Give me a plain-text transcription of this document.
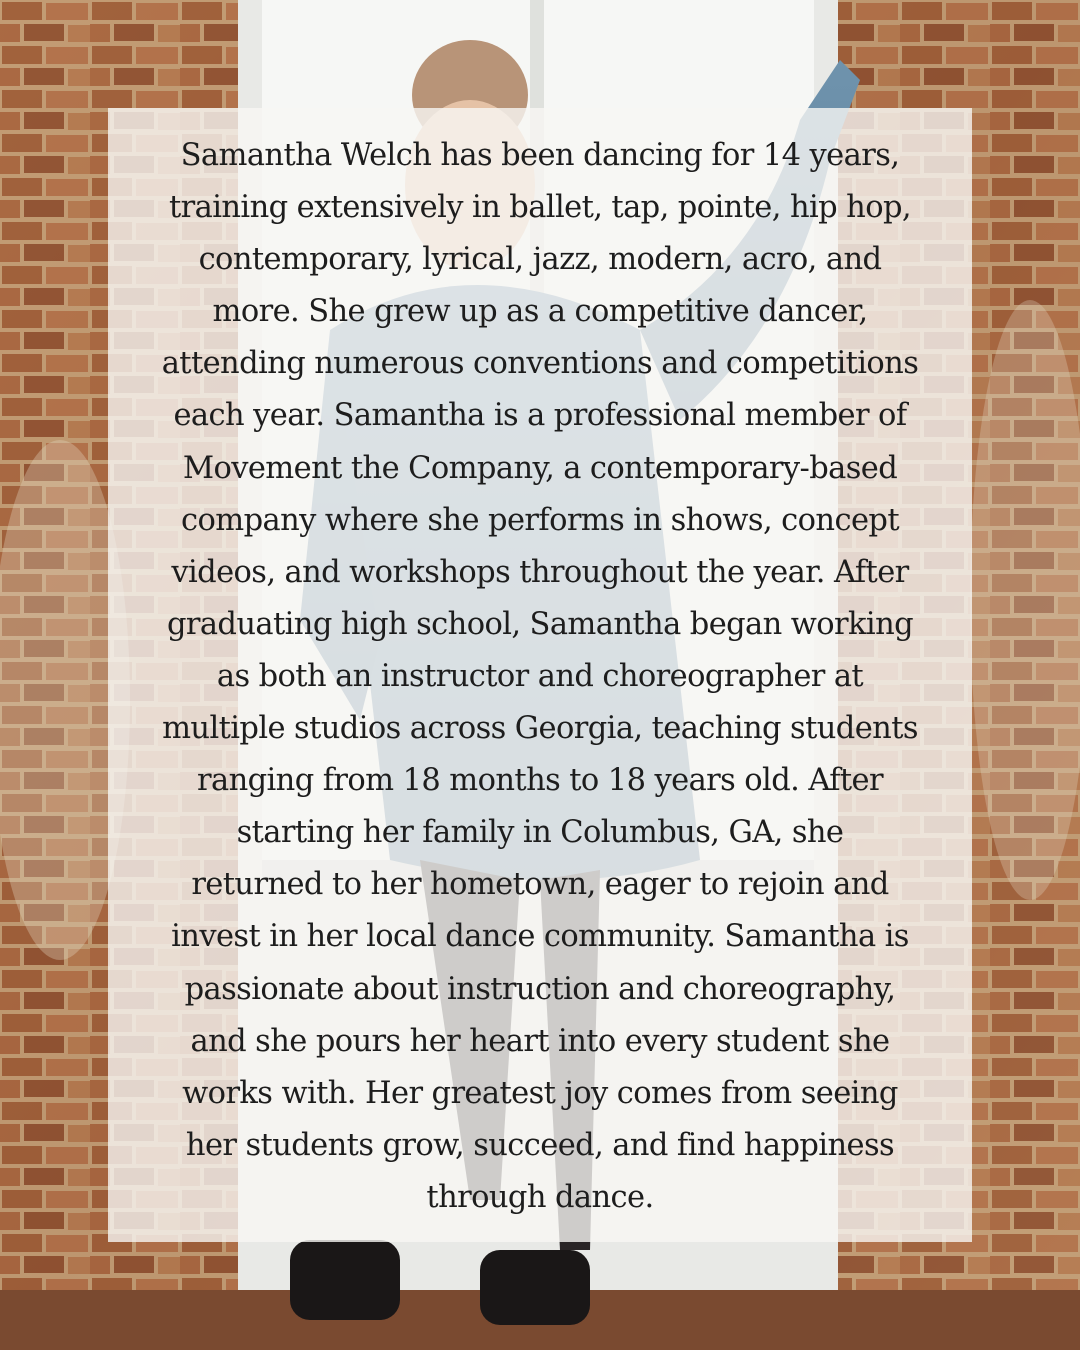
Samantha Welch has been dancing for 14 years,
training extensively in ballet, tap, pointe, hip hop,
contemporary, lyrical, jazz, modern, acro, and
more. She grew up as a competitive dancer,
attending numerous conventions and competitions
each year. Samantha is a professional member of
Movement the Company, a contemporary-based
company where she performs in shows, concept
videos, and workshops throughout the year. After
graduating high school, Samantha began working
as both an instructor and choreographer at
multiple studios across Georgia, teaching students
ranging from 18 months to 18 years old. After
starting her family in Columbus, GA, she
returned to her hometown, eager to rejoin and
invest in her local dance community. Samantha is
passionate about instruction and choreography,
and she pours her heart into every student she
works with. Her greatest joy comes from seeing
her students grow, succeed, and find happiness
through dance.
